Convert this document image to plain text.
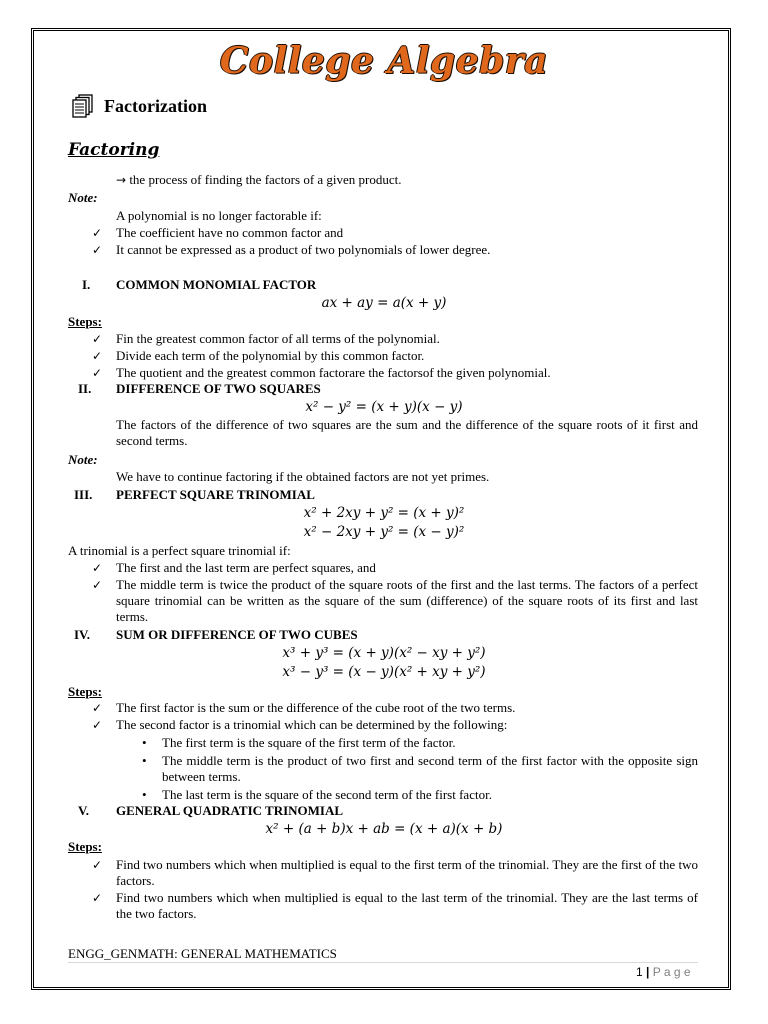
College Algebra
Factorization
Factoring
→ the process of finding the factors of a given product.
Note:
A polynomial is no longer factorable if:
✓ The coefficient have no common factor and
✓ It cannot be expressed as a product of two polynomials of lower degree.
I. COMMON MONOMIAL FACTOR
ax + ay = a(x + y)
Steps:
✓ Fin the greatest common factor of all terms of the polynomial.
✓ Divide each term of the polynomial by this common factor.
✓ The quotient and the greatest common factorare the factorsof the given polynomial.
II. DIFFERENCE OF TWO SQUARES
x² − y² = (x + y)(x − y)
The factors of the difference of two squares are the sum and the difference of the square roots of it first and second terms.
Note:
We have to continue factoring if the obtained factors are not yet primes.
III. PERFECT SQUARE TRINOMIAL
x² + 2xy + y² = (x + y)²
x² − 2xy + y² = (x − y)²
A trinomial is a perfect square trinomial if:
✓ The first and the last term are perfect squares, and
✓ The middle term is twice the product of the square roots of the first and the last terms. The factors of a perfect square trinomial can be written as the square of the sum (difference) of the square roots of its first and last terms.
IV. SUM OR DIFFERENCE OF TWO CUBES
x³ + y³ = (x + y)(x² − xy + y²)
x³ − y³ = (x − y)(x² + xy + y²)
Steps:
✓ The first factor is the sum or the difference of the cube root of the two terms.
✓ The second factor is a trinomial which can be determined by the following:
• The first term is the square of the first term of the factor.
• The middle term is the product of two first and second term of the first factor with the opposite sign between terms.
• The last term is the square of the second term of the first factor.
V. GENERAL QUADRATIC TRINOMIAL
x² + (a + b)x + ab = (x + a)(x + b)
Steps:
✓ Find two numbers which when multiplied is equal to the first term of the trinomial. They are the first of the two factors.
✓ Find two numbers which when multiplied is equal to the last term of the trinomial. They are the last terms of the two factors.
ENGG_GENMATH: GENERAL MATHEMATICS
1 | P a g e
